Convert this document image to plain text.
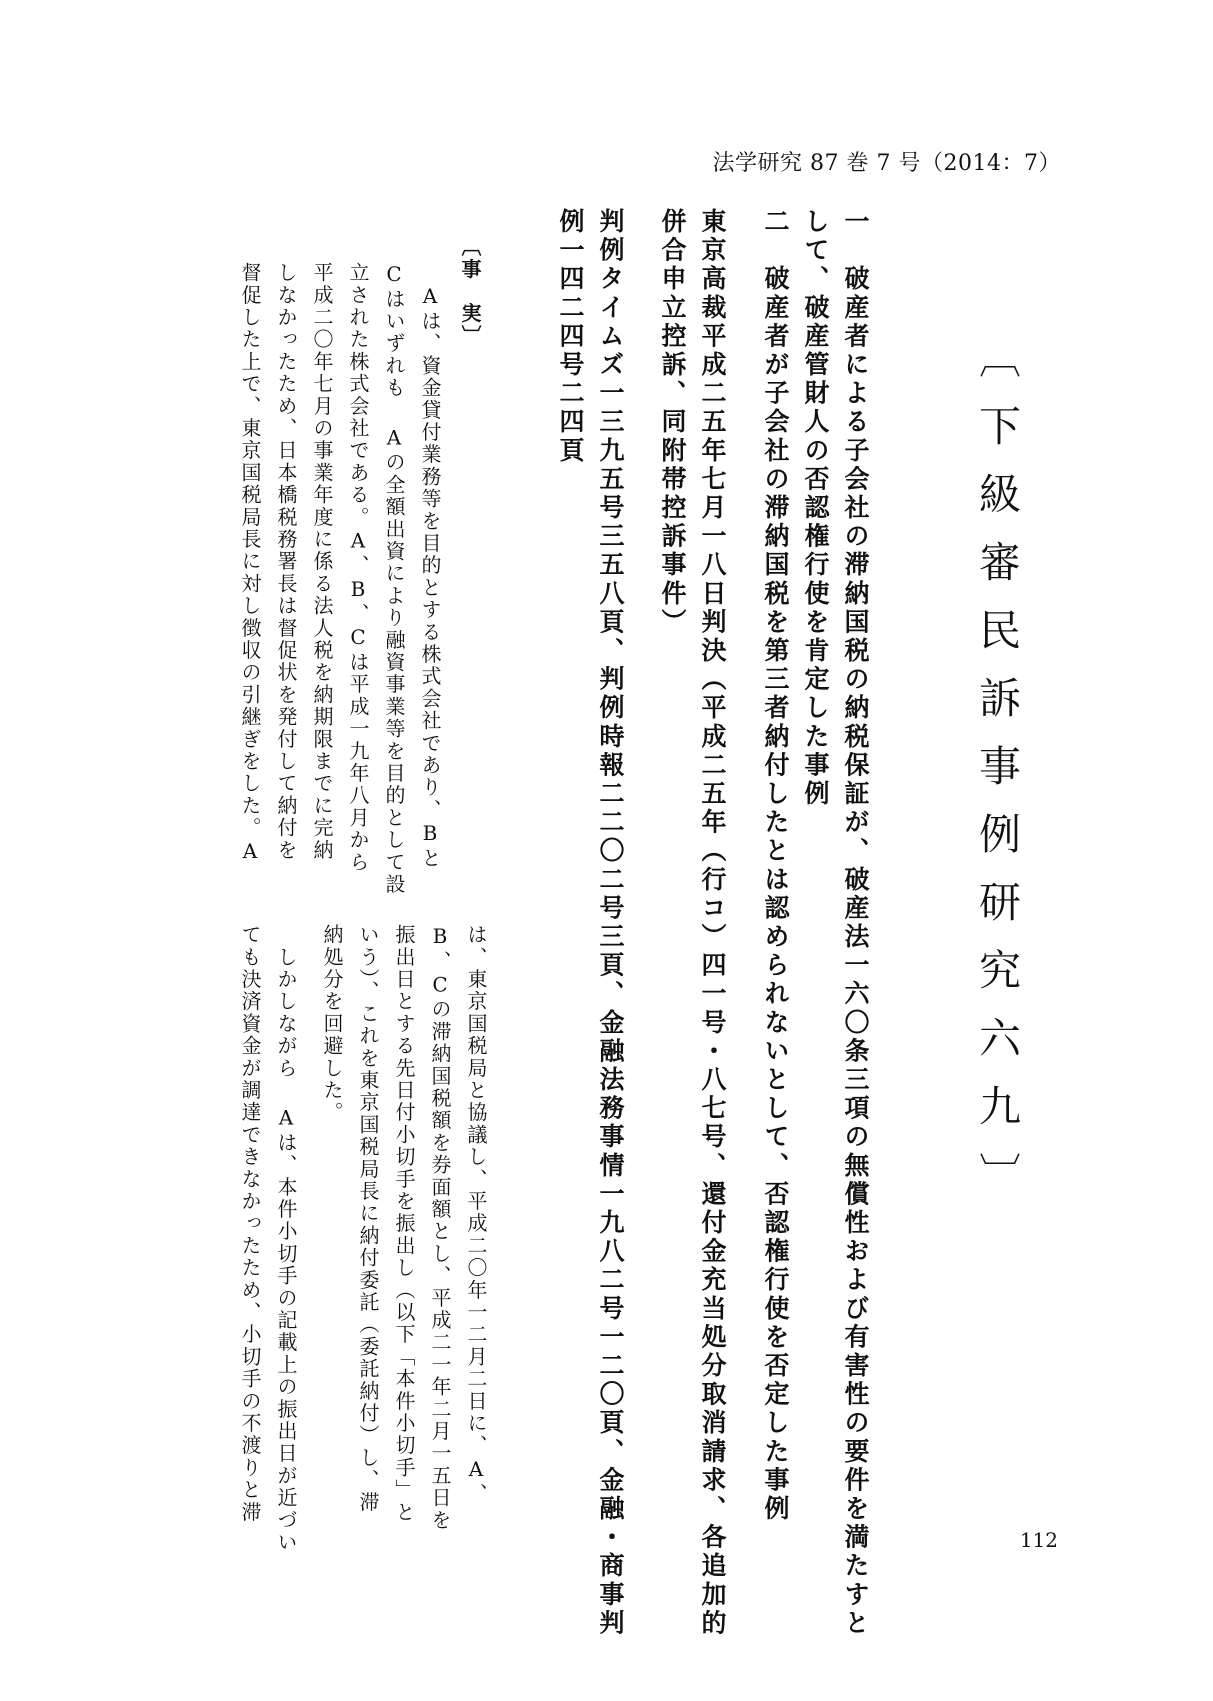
法学研究 87 巻 7 号（2014：7）
〔下級審民訴事例研究六九〕
一　破産者による子会社の滞納国税の納税保証が、破産法一六〇条三項の無償性および有害性の要件を満たすと
して、破産管財人の否認権行使を肯定した事例
二　破産者が子会社の滞納国税を第三者納付したとは認められないとして、否認権行使を否定した事例
東京高裁平成二五年七月一八日判決（平成二五年（行コ）四一号・八七号、還付金充当処分取消請求、各追加的
併合申立控訴、同附帯控訴事件）
判例タイムズ一三九五号三五八頁、判例時報二二〇二号三頁、金融法務事情一九八二号一二〇頁、金融・商事判
例一四二四号二四頁
〔事　実〕
　Aは、資金貸付業務等を目的とする株式会社であり、Bと
Cはいずれも Aの全額出資により融資事業等を目的として設
立された株式会社である。A、B、Cは平成一九年八月から
平成二〇年七月の事業年度に係る法人税を納期限までに完納
しなかったため、日本橋税務署長は督促状を発付して納付を
督促した上で、東京国税局長に対し徴収の引継ぎをした。A
は、東京国税局と協議し、平成二〇年一二月二日に、A、
B、Cの滞納国税額を券面額とし、平成二一年二月一五日を
振出日とする先日付小切手を振出し（以下「本件小切手」と
いう）、これを東京国税局長に納付委託（委託納付）し、滞
納処分を回避した。
　しかしながら Aは、本件小切手の記載上の振出日が近づい
ても決済資金が調達できなかったため、小切手の不渡りと滞
112
